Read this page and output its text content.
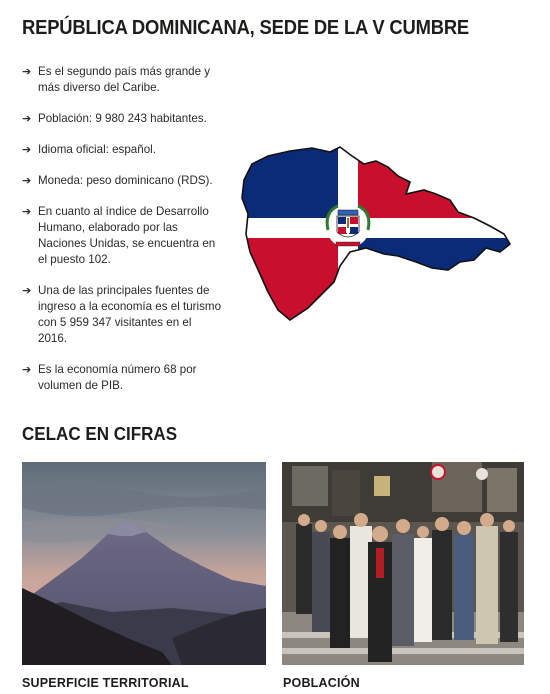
REPÚBLICA DOMINICANA, SEDE DE LA V CUMBRE
➔ Es el segundo país más grande y más diverso del Caribe.
➔ Población: 9 980 243 habitantes.
➔ Idioma oficial: español.
➔ Moneda: peso dominicano (RDS).
➔ En cuanto al índice de Desarrollo Humano, elaborado por las Naciones Unidas, se encuentra en el puesto 102.
➔ Una de las principales fuentes de ingreso a la economía es el turismo con 5 959 347 visitantes en el 2016.
➔ Es la economía número 68 por volumen de PIB.
CELAC EN CIFRAS

SUPERFICIE TERRITORIAL	POBLACIÓN
